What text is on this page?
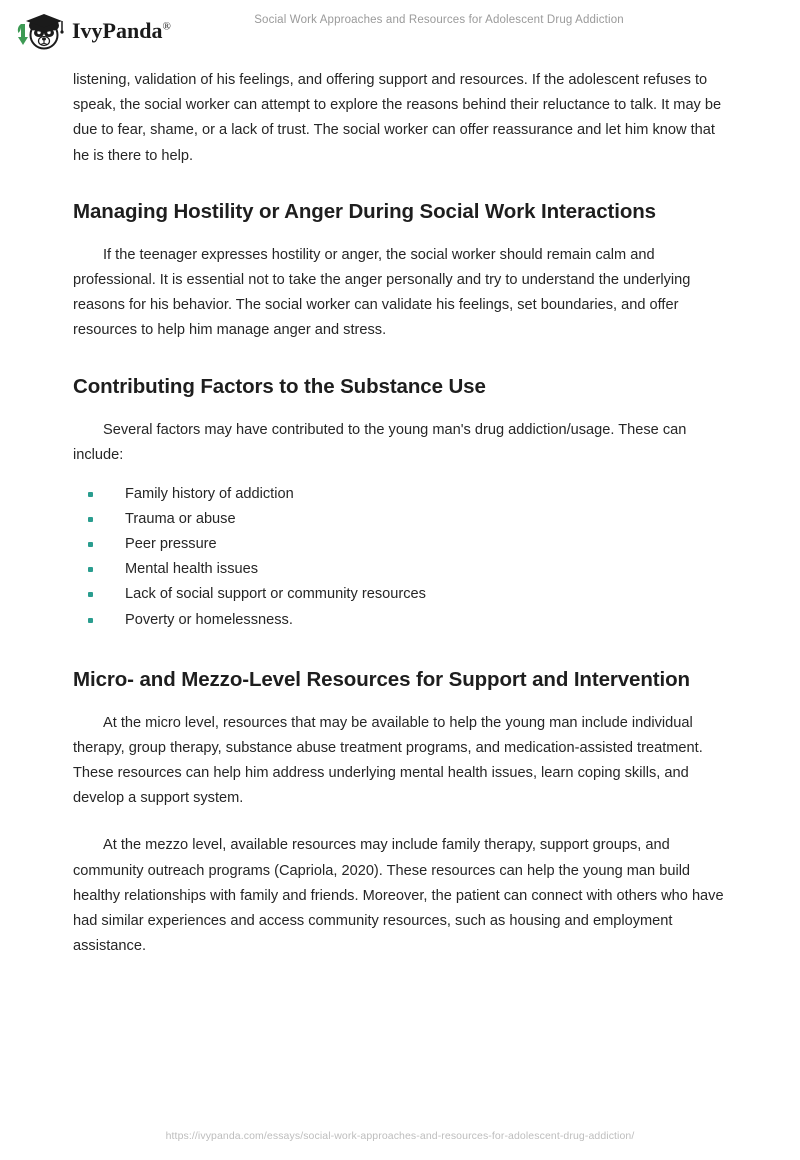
IvyPanda®
Social Work Approaches and Resources for Adolescent Drug Addiction

listening, validation of his feelings, and offering support and resources. If the adolescent refuses to speak, the social worker can attempt to explore the reasons behind their reluctance to talk. It may be due to fear, shame, or a lack of trust. The social worker can offer reassurance and let him know that he is there to help.

Managing Hostility or Anger During Social Work Interactions

If the teenager expresses hostility or anger, the social worker should remain calm and professional. It is essential not to take the anger personally and try to understand the underlying reasons for his behavior. The social worker can validate his feelings, set boundaries, and offer resources to help him manage anger and stress.

Contributing Factors to the Substance Use

Several factors may have contributed to the young man's drug addiction/usage. These can include:

Family history of addiction
Trauma or abuse
Peer pressure
Mental health issues
Lack of social support or community resources
Poverty or homelessness.
Micro- and Mezzo-Level Resources for Support and Intervention

At the micro level, resources that may be available to help the young man include individual therapy, group therapy, substance abuse treatment programs, and medication-assisted treatment. These resources can help him address underlying mental health issues, learn coping skills, and develop a support system.

At the mezzo level, available resources may include family therapy, support groups, and community outreach programs (Capriola, 2020). These resources can help the young man build healthy relationships with family and friends. Moreover, the patient can connect with others who have had similar experiences and access community resources, such as housing and employment assistance.

https://ivypanda.com/essays/social-work-approaches-and-resources-for-adolescent-drug-addiction/
